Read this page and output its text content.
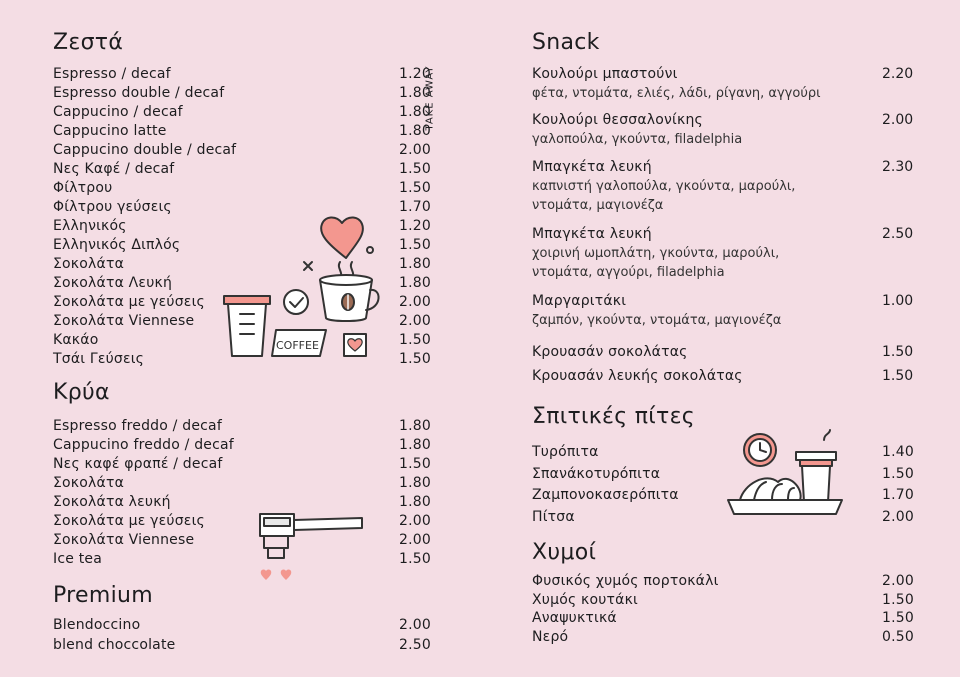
Ζεστά
TAKE AWAY
Espresso / decaf	1.20
Espresso double / decaf	1.80
Cappucino / decaf	1.80
Cappucino latte	1.80
Cappucino double / decaf	2.00
Νες Καφέ / decaf	1.50
Φίλτρου	1.50
Φίλτρου γεύσεις	1.70
Ελληνικός	1.20
Ελληνικός Διπλός	1.50
Σοκολάτα	1.80
Σοκολάτα Λευκή	1.80
Σοκολάτα με γεύσεις	2.00
Σοκολάτα Viennese	2.00
Κακάο	1.50
Τσάι Γεύσεις	1.50
Κρύα
Espresso freddo / decaf	1.80
Cappucino freddo / decaf	1.80
Νες καφέ φραπέ / decaf	1.50
Σοκολάτα	1.80
Σοκολάτα λευκή	1.80
Σοκολάτα με γεύσεις	2.00
Σοκολάτα Viennese	2.00
Ice tea	1.50
Premium
Blendoccino	2.00
blend choccolate	2.50
Snack
Κουλούρι μπαστούνι	2.20
φέτα, ντομάτα, ελιές, λάδι, ρίγανη, αγγούρι
Κουλούρι θεσσαλονίκης	2.00
γαλοπούλα, γκούντα, filadelphia
Μπαγκέτα λευκή	2.30
καπνιστή γαλοπούλα, γκούντα, μαρούλι, ντομάτα, μαγιονέζα
Μπαγκέτα λευκή	2.50
χοιρινή ωμοπλάτη, γκούντα, μαρούλι, ντομάτα, αγγούρι, filadelphia
Μαργαριτάκι	1.00
ζαμπόν, γκούντα, ντομάτα, μαγιονέζα
Κρουασάν σοκολάτας	1.50
Κρουασάν λευκής σοκολάτας	1.50
Σπιτικές πίτες
Τυρόπιτα	1.40
Σπανάκοτυρόπιτα	1.50
Ζαμπονοκασερόπιτα	1.70
Πίτσα	2.00
Χυμοί
Φυσικός χυμός πορτοκάλι	2.00
Χυμός κουτάκι	1.50
Αναψυκτικά	1.50
Νερό	0.50
COFFEE
